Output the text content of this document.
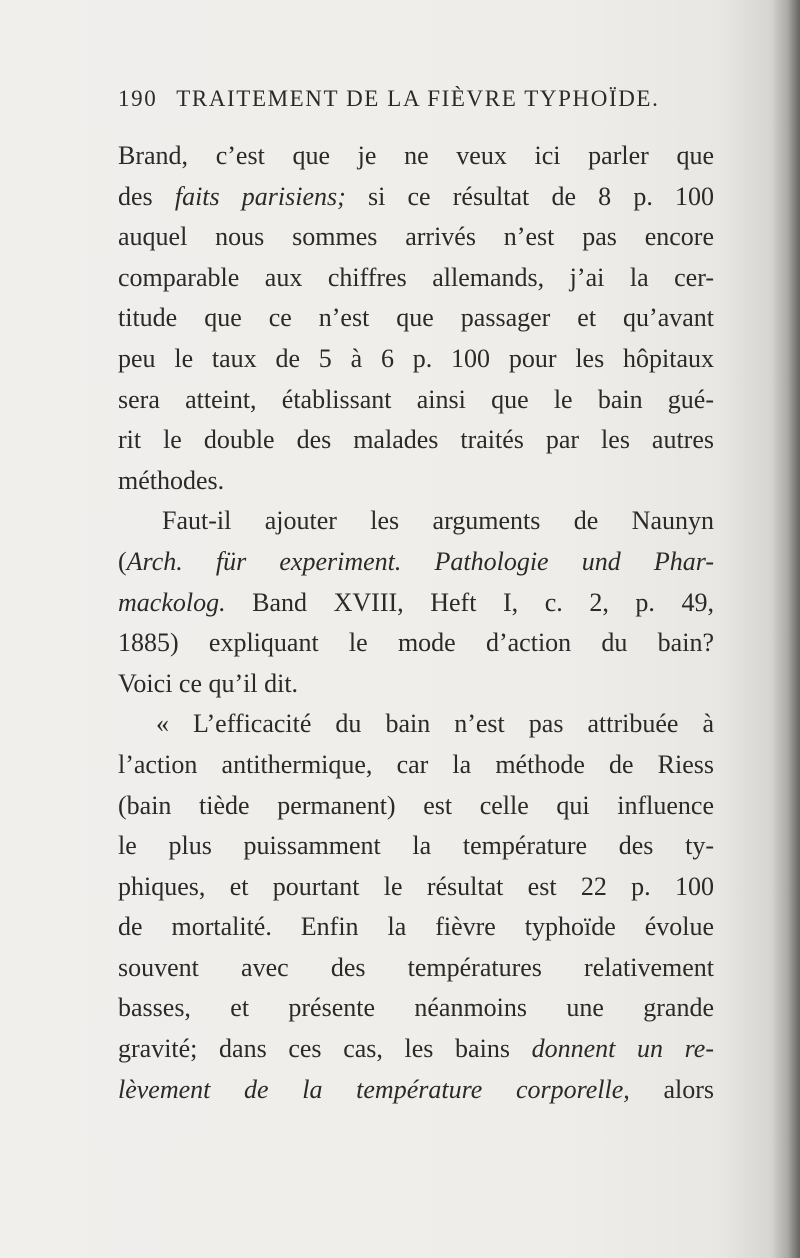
190 TRAITEMENT DE LA FIÈVRE TYPHOÏDE.
Brand, c’est que je ne veux ici parler que
des faits parisiens; si ce résultat de 8 p. 100
auquel nous sommes arrivés n’est pas encore
comparable aux chiffres allemands, j’ai la cer-
titude que ce n’est que passager et qu’avant
peu le taux de 5 à 6 p. 100 pour les hôpitaux
sera atteint, établissant ainsi que le bain gué-
rit le double des malades traités par les autres
méthodes.
Faut-il ajouter les arguments de Naunyn
(Arch. für experiment. Pathologie und Phar-
mackolog. Band XVIII, Heft I, c. 2, p. 49,
1885) expliquant le mode d’action du bain?
Voici ce qu’il dit.
« L’efficacité du bain n’est pas attribuée à
l’action antithermique, car la méthode de Riess
(bain tiède permanent) est celle qui influence
le plus puissamment la température des ty-
phiques, et pourtant le résultat est 22 p. 100
de mortalité. Enfin la fièvre typhoïde évolue
souvent avec des températures relativement
basses, et présente néanmoins une grande
gravité; dans ces cas, les bains donnent un re-
lèvement de la température corporelle, alors
